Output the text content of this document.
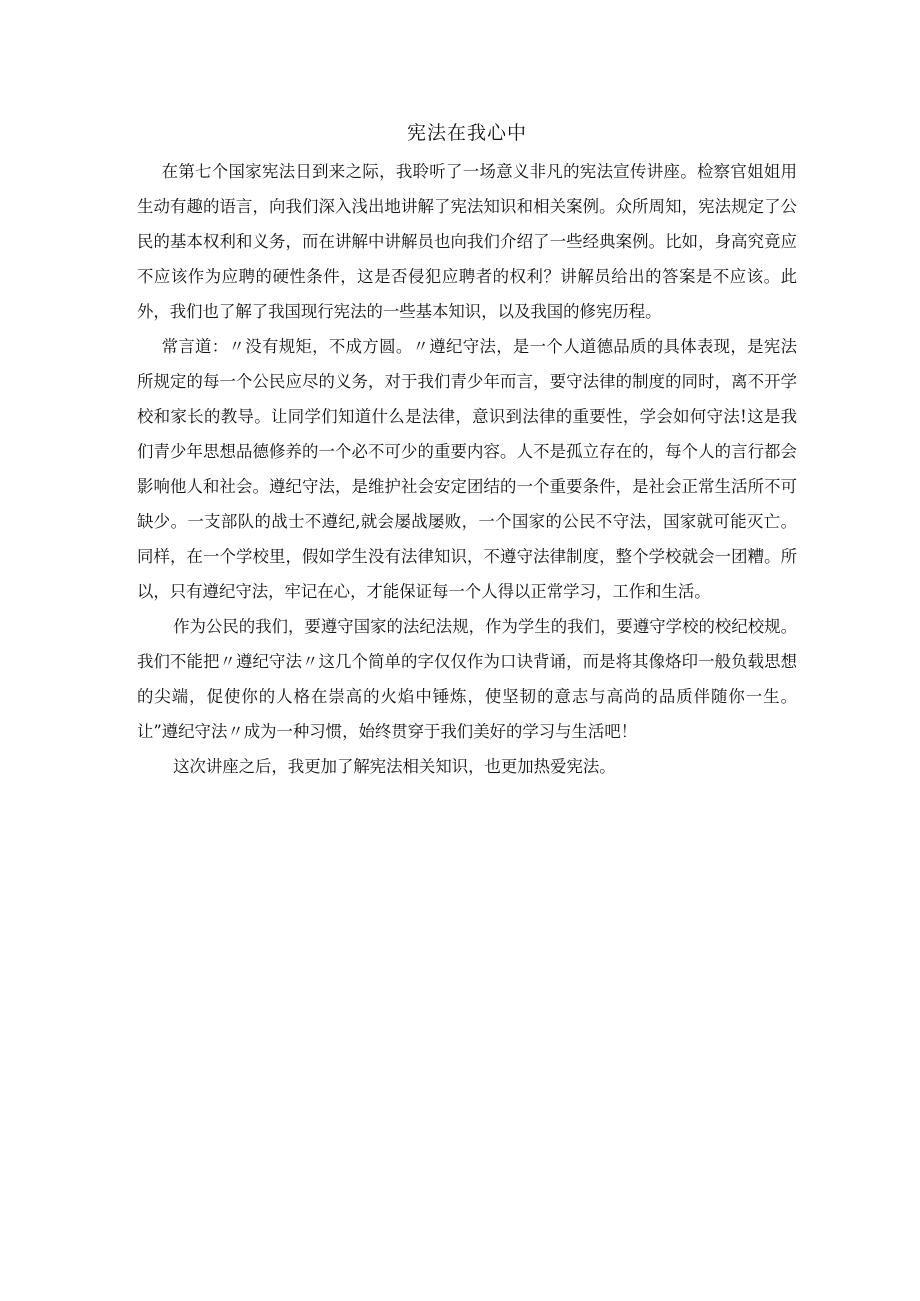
宪法在我心中

在第七个国家宪法日到来之际，我聆听了一场意义非凡的宪法宣传讲座。检察官姐姐用生动有趣的语言，向我们深入浅出地讲解了宪法知识和相关案例。众所周知，宪法规定了公民的基本权利和义务，而在讲解中讲解员也向我们介绍了一些经典案例。比如，身高究竟应不应该作为应聘的硬性条件，这是否侵犯应聘者的权利？讲解员给出的答案是不应该。此外，我们也了解了我国现行宪法的一些基本知识，以及我国的修宪历程。

常言道：〃没有规矩，不成方圆。〃遵纪守法，是一个人道德品质的具体表现，是宪法所规定的每一个公民应尽的义务，对于我们青少年而言，要守法律的制度的同时，离不开学校和家长的教导。让同学们知道什么是法律，意识到法律的重要性，学会如何守法!这是我们青少年思想品德修养的一个必不可少的重要内容。人不是孤立存在的，每个人的言行都会影响他人和社会。遵纪守法，是维护社会安定团结的一个重要条件，是社会正常生活所不可缺少。一支部队的战士不遵纪,就会屡战屡败，一个国家的公民不守法，国家就可能灭亡。同样，在一个学校里，假如学生没有法律知识，不遵守法律制度，整个学校就会一团糟。所以，只有遵纪守法，牢记在心，才能保证每一个人得以正常学习，工作和生活。

作为公民的我们，要遵守国家的法纪法规，作为学生的我们，要遵守学校的校纪校规。我们不能把〃遵纪守法〃这几个简单的字仅仅作为口诀背诵，而是将其像烙印一般负载思想的尖端，促使你的人格在崇高的火焰中锤炼，使坚韧的意志与高尚的品质伴随你一生。让”遵纪守法〃成为一种习惯，始终贯穿于我们美好的学习与生活吧！

这次讲座之后，我更加了解宪法相关知识，也更加热爱宪法。
